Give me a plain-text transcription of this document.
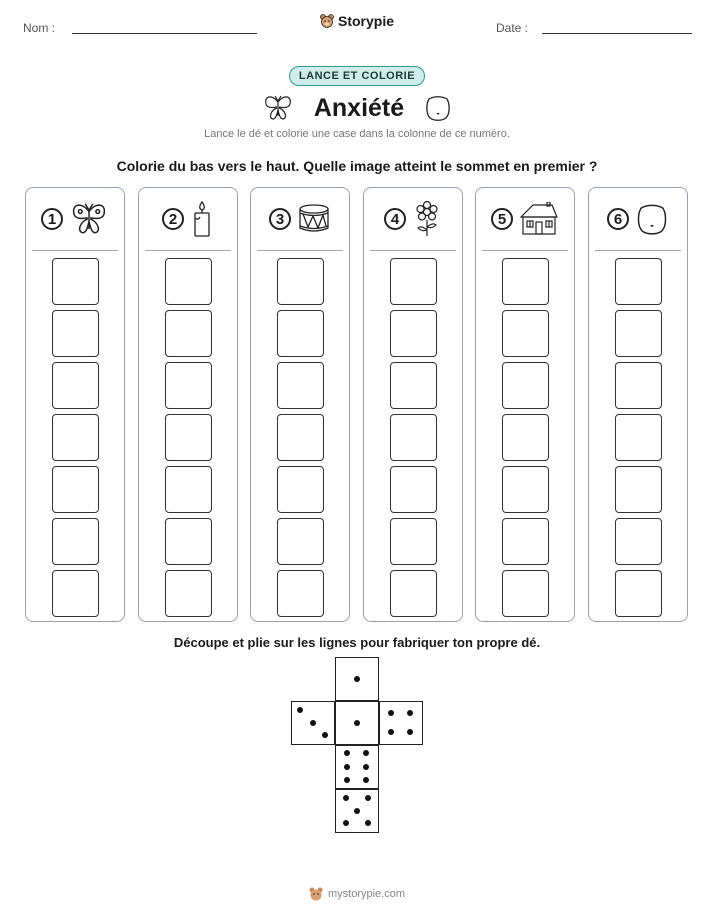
Nom :	Storypie	Date :
LANCE ET COLORIE
Anxiété
Lance le dé et colorie une case dans la colonne de ce numéro.
Colorie du bas vers le haut. Quelle image atteint le sommet en premier ?
1	2	3	4	5	6
Découpe et plie sur les lignes pour fabriquer ton propre dé.
mystorypie.com
